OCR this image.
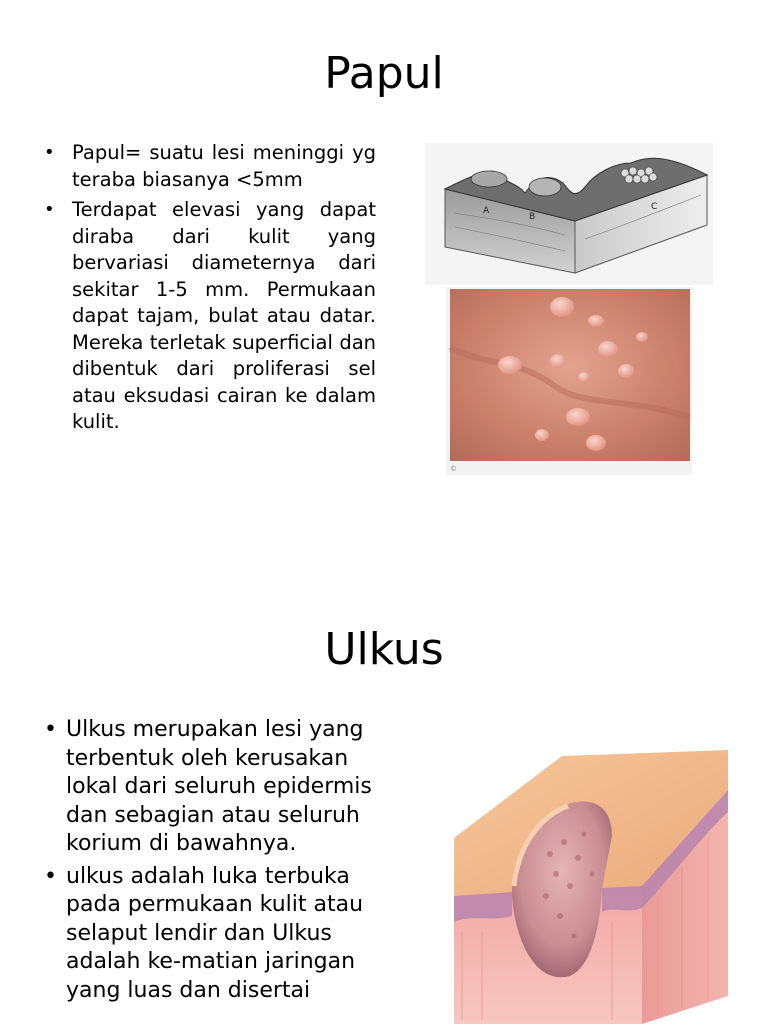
Papul
• Papul= suatu lesi meninggi yg teraba biasanya <5mm
• Terdapat elevasi yang dapat diraba dari kulit yang bervariasi diameternya dari sekitar 1-5 mm. Permukaan dapat tajam, bulat atau datar. Mereka terletak superficial dan dibentuk dari proliferasi sel atau eksudasi cairan ke dalam kulit.
A
B
C
©
Ulkus
• Ulkus merupakan lesi yang terbentuk oleh kerusakan lokal dari seluruh epidermis dan sebagian atau seluruh korium di bawahnya.
• ulkus adalah luka terbuka pada permukaan kulit atau selaput lendir dan Ulkus adalah ke-matian jaringan yang luas dan disertai
